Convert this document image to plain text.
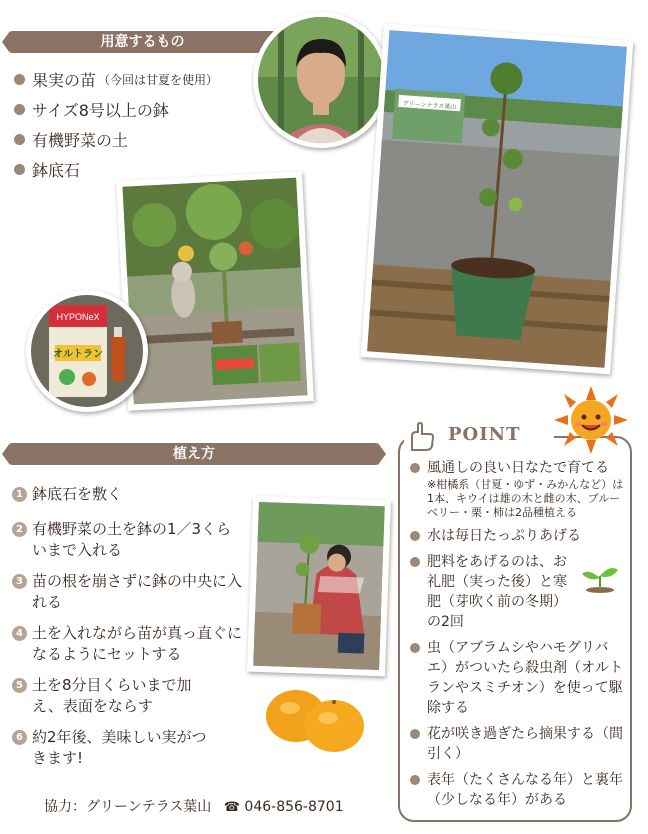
用意するもの
果実の苗 （今回は甘夏を使用）
サイズ8号以上の鉢
有機野菜の土
鉢底石
HYPONeX
オルトラン
グリーンテラス葉山
植え方
1 鉢底石を敷く
2 有機野菜の土を鉢の1／3くらいまで入れる
3 苗の根を崩さずに鉢の中央に入れる
4 土を入れながら苗が真っ直ぐになるようにセットする
5 土を8分目くらいまで加え、表面をならす
6 約2年後、美味しい実がつきます!
POINT
風通しの良い日なたで育てる
※柑橘系（甘夏・ゆず・みかんなど）は1本、キウイは雄の木と雌の木、ブルーベリー・栗・柿は2品種植える
水は毎日たっぷりあげる
肥料をあげるのは、お礼肥（実った後）と寒肥（芽吹く前の冬期）の2回
虫（アブラムシやハモグリバエ）がついたら殺虫剤（オルトランやスミチオン）を使って駆除する
花が咲き過ぎたら摘果する（間引く）
表年（たくさんなる年）と裏年（少しなる年）がある
協力：グリーンテラス葉山 ☎ 046-856-8701
